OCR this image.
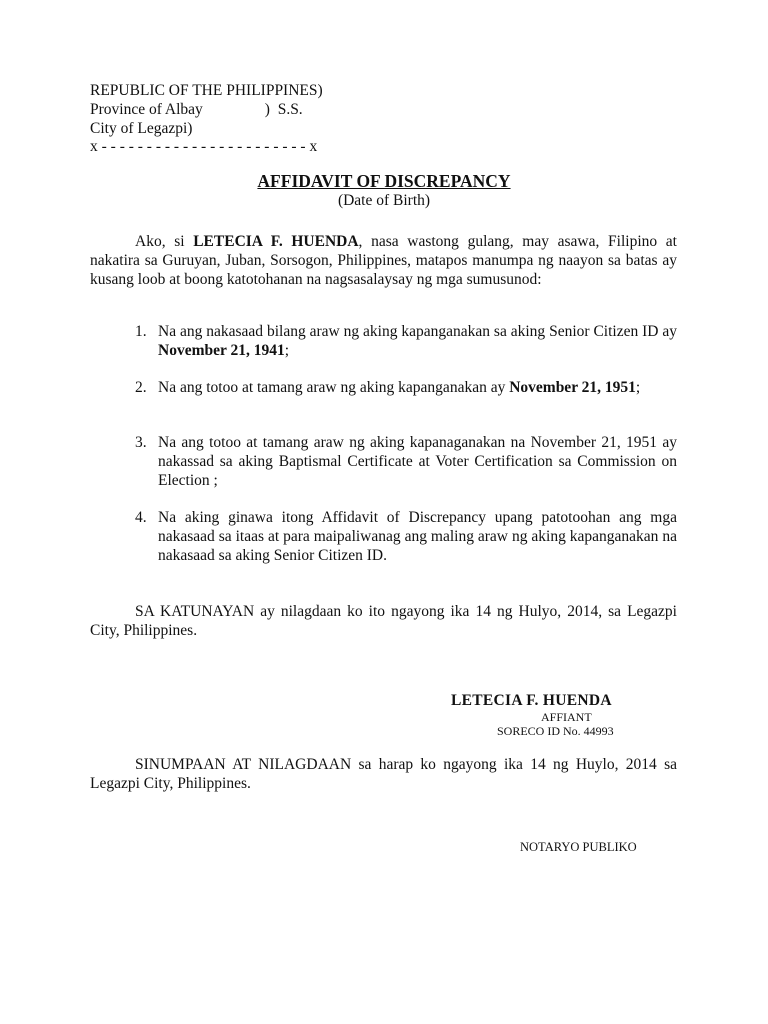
REPUBLIC OF THE PHILIPPINES)
Province of Albay                )  S.S.
City of Legazpi)
x - - - - - - - - - - - - - - - - - - - - - - - x
AFFIDAVIT OF DISCREPANCY
(Date of Birth)

Ako, si LETECIA F. HUENDA, nasa wastong gulang, may asawa, Filipino at nakatira sa Guruyan, Juban, Sorsogon, Philippines, matapos manumpa ng naayon sa batas ay kusang loob at boong katotohanan na nagsasalaysay ng mga sumusunod:

1. Na ang nakasaad bilang araw ng aking kapanganakan sa aking Senior Citizen ID ay November 21, 1941;
2. Na ang totoo at tamang araw ng aking kapanganakan ay November 21, 1951;
3. Na ang totoo at tamang araw ng aking kapanaganakan na November 21, 1951 ay nakassad sa aking Baptismal Certificate at Voter Certification sa Commission on Election ;
4. Na aking ginawa itong Affidavit of Discrepancy upang patotoohan ang mga nakasaad sa itaas at para maipaliwanag ang maling araw ng aking kapanganakan na nakasaad sa aking Senior Citizen ID.

SA KATUNAYAN ay nilagdaan ko ito ngayong ika 14 ng Hulyo, 2014, sa Legazpi City, Philippines.

LETECIA F. HUENDA
AFFIANT
SORECO ID No. 44993

SINUMPAAN AT NILAGDAAN sa harap ko ngayong ika 14 ng Huylo, 2014 sa Legazpi City, Philippines.

NOTARYO PUBLIKO
